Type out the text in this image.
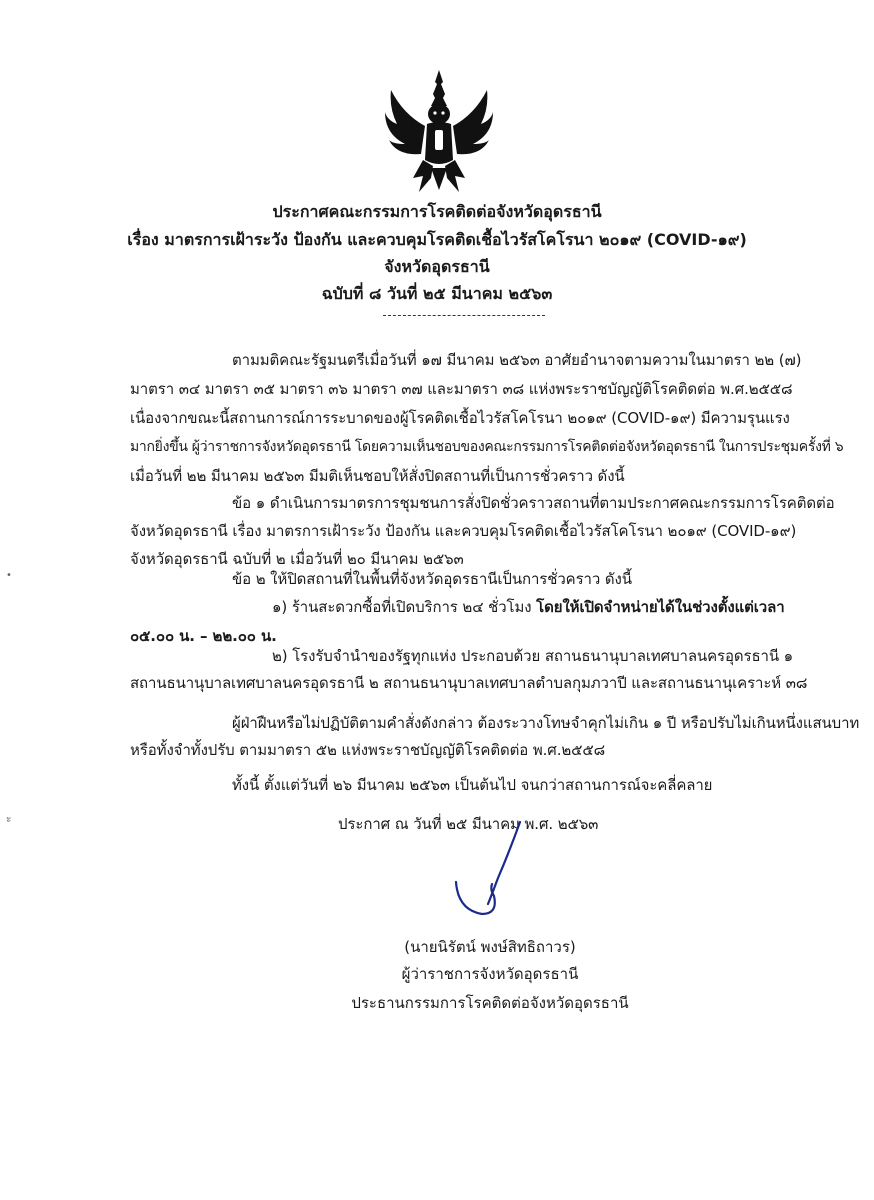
ประกาศคณะกรรมการโรคติดต่อจังหวัดอุดรธานี
เรื่อง มาตรการเฝ้าระวัง ป้องกัน และควบคุมโรคติดเชื้อไวรัสโคโรนา ๒๐๑๙ (COVID-๑๙)
จังหวัดอุดรธานี
ฉบับที่ ๘ วันที่ ๒๕ มีนาคม ๒๕๖๓
ตามมติคณะรัฐมนตรีเมื่อวันที่ ๑๗ มีนาคม ๒๕๖๓ อาศัยอำนาจตามความในมาตรา ๒๒ (๗)
มาตรา ๓๔ มาตรา ๓๕ มาตรา ๓๖ มาตรา ๓๗ และมาตรา ๓๘ แห่งพระราชบัญญัติโรคติดต่อ พ.ศ.๒๕๕๘
เนื่องจากขณะนี้สถานการณ์การระบาดของผู้โรคติดเชื้อไวรัสโคโรนา ๒๐๑๙ (COVID-๑๙) มีความรุนแรง
มากยิ่งขึ้น ผู้ว่าราชการจังหวัดอุดรธานี โดยความเห็นชอบของคณะกรรมการโรคติดต่อจังหวัดอุดรธานี ในการประชุมครั้งที่ ๖
เมื่อวันที่ ๒๒ มีนาคม ๒๕๖๓ มีมติเห็นชอบให้สั่งปิดสถานที่เป็นการชั่วคราว ดังนี้
ข้อ ๑ ดำเนินการมาตรการชุมชนการสั่งปิดชั่วคราวสถานที่ตามประกาศคณะกรรมการโรคติดต่อ
จังหวัดอุดรธานี เรื่อง มาตรการเฝ้าระวัง ป้องกัน และควบคุมโรคติดเชื้อไวรัสโคโรนา ๒๐๑๙ (COVID-๑๙)
จังหวัดอุดรธานี ฉบับที่ ๒ เมื่อวันที่ ๒๐ มีนาคม ๒๕๖๓
ข้อ ๒ ให้ปิดสถานที่ในพื้นที่จังหวัดอุดรธานีเป็นการชั่วคราว ดังนี้
๑) ร้านสะดวกซื้อที่เปิดบริการ ๒๔ ชั่วโมง โดยให้เปิดจำหน่ายได้ในช่วงตั้งแต่เวลา
๐๕.๐๐ น. – ๒๒.๐๐ น.
๒) โรงรับจำนำของรัฐทุกแห่ง ประกอบด้วย สถานธนานุบาลเทศบาลนครอุดรธานี ๑
สถานธนานุบาลเทศบาลนครอุดรธานี ๒ สถานธนานุบาลเทศบาลตำบลกุมภวาปี และสถานธนานุเคราะห์ ๓๘
ผู้ฝ่าฝืนหรือไม่ปฏิบัติตามคำสั่งดังกล่าว ต้องระวางโทษจำคุกไม่เกิน ๑ ปี หรือปรับไม่เกินหนึ่งแสนบาท
หรือทั้งจำทั้งปรับ ตามมาตรา ๕๒ แห่งพระราชบัญญัติโรคติดต่อ พ.ศ.๒๕๕๘
ทั้งนี้ ตั้งแต่วันที่ ๒๖ มีนาคม ๒๕๖๓ เป็นต้นไป จนกว่าสถานการณ์จะคลี่คลาย
ประกาศ ณ วันที่ ๒๕ มีนาคม พ.ศ. ๒๕๖๓
(นายนิรัตน์ พงษ์สิทธิถาวร)
ผู้ว่าราชการจังหวัดอุดรธานี
ประธานกรรมการโรคติดต่อจังหวัดอุดรธานี
•
ะ
